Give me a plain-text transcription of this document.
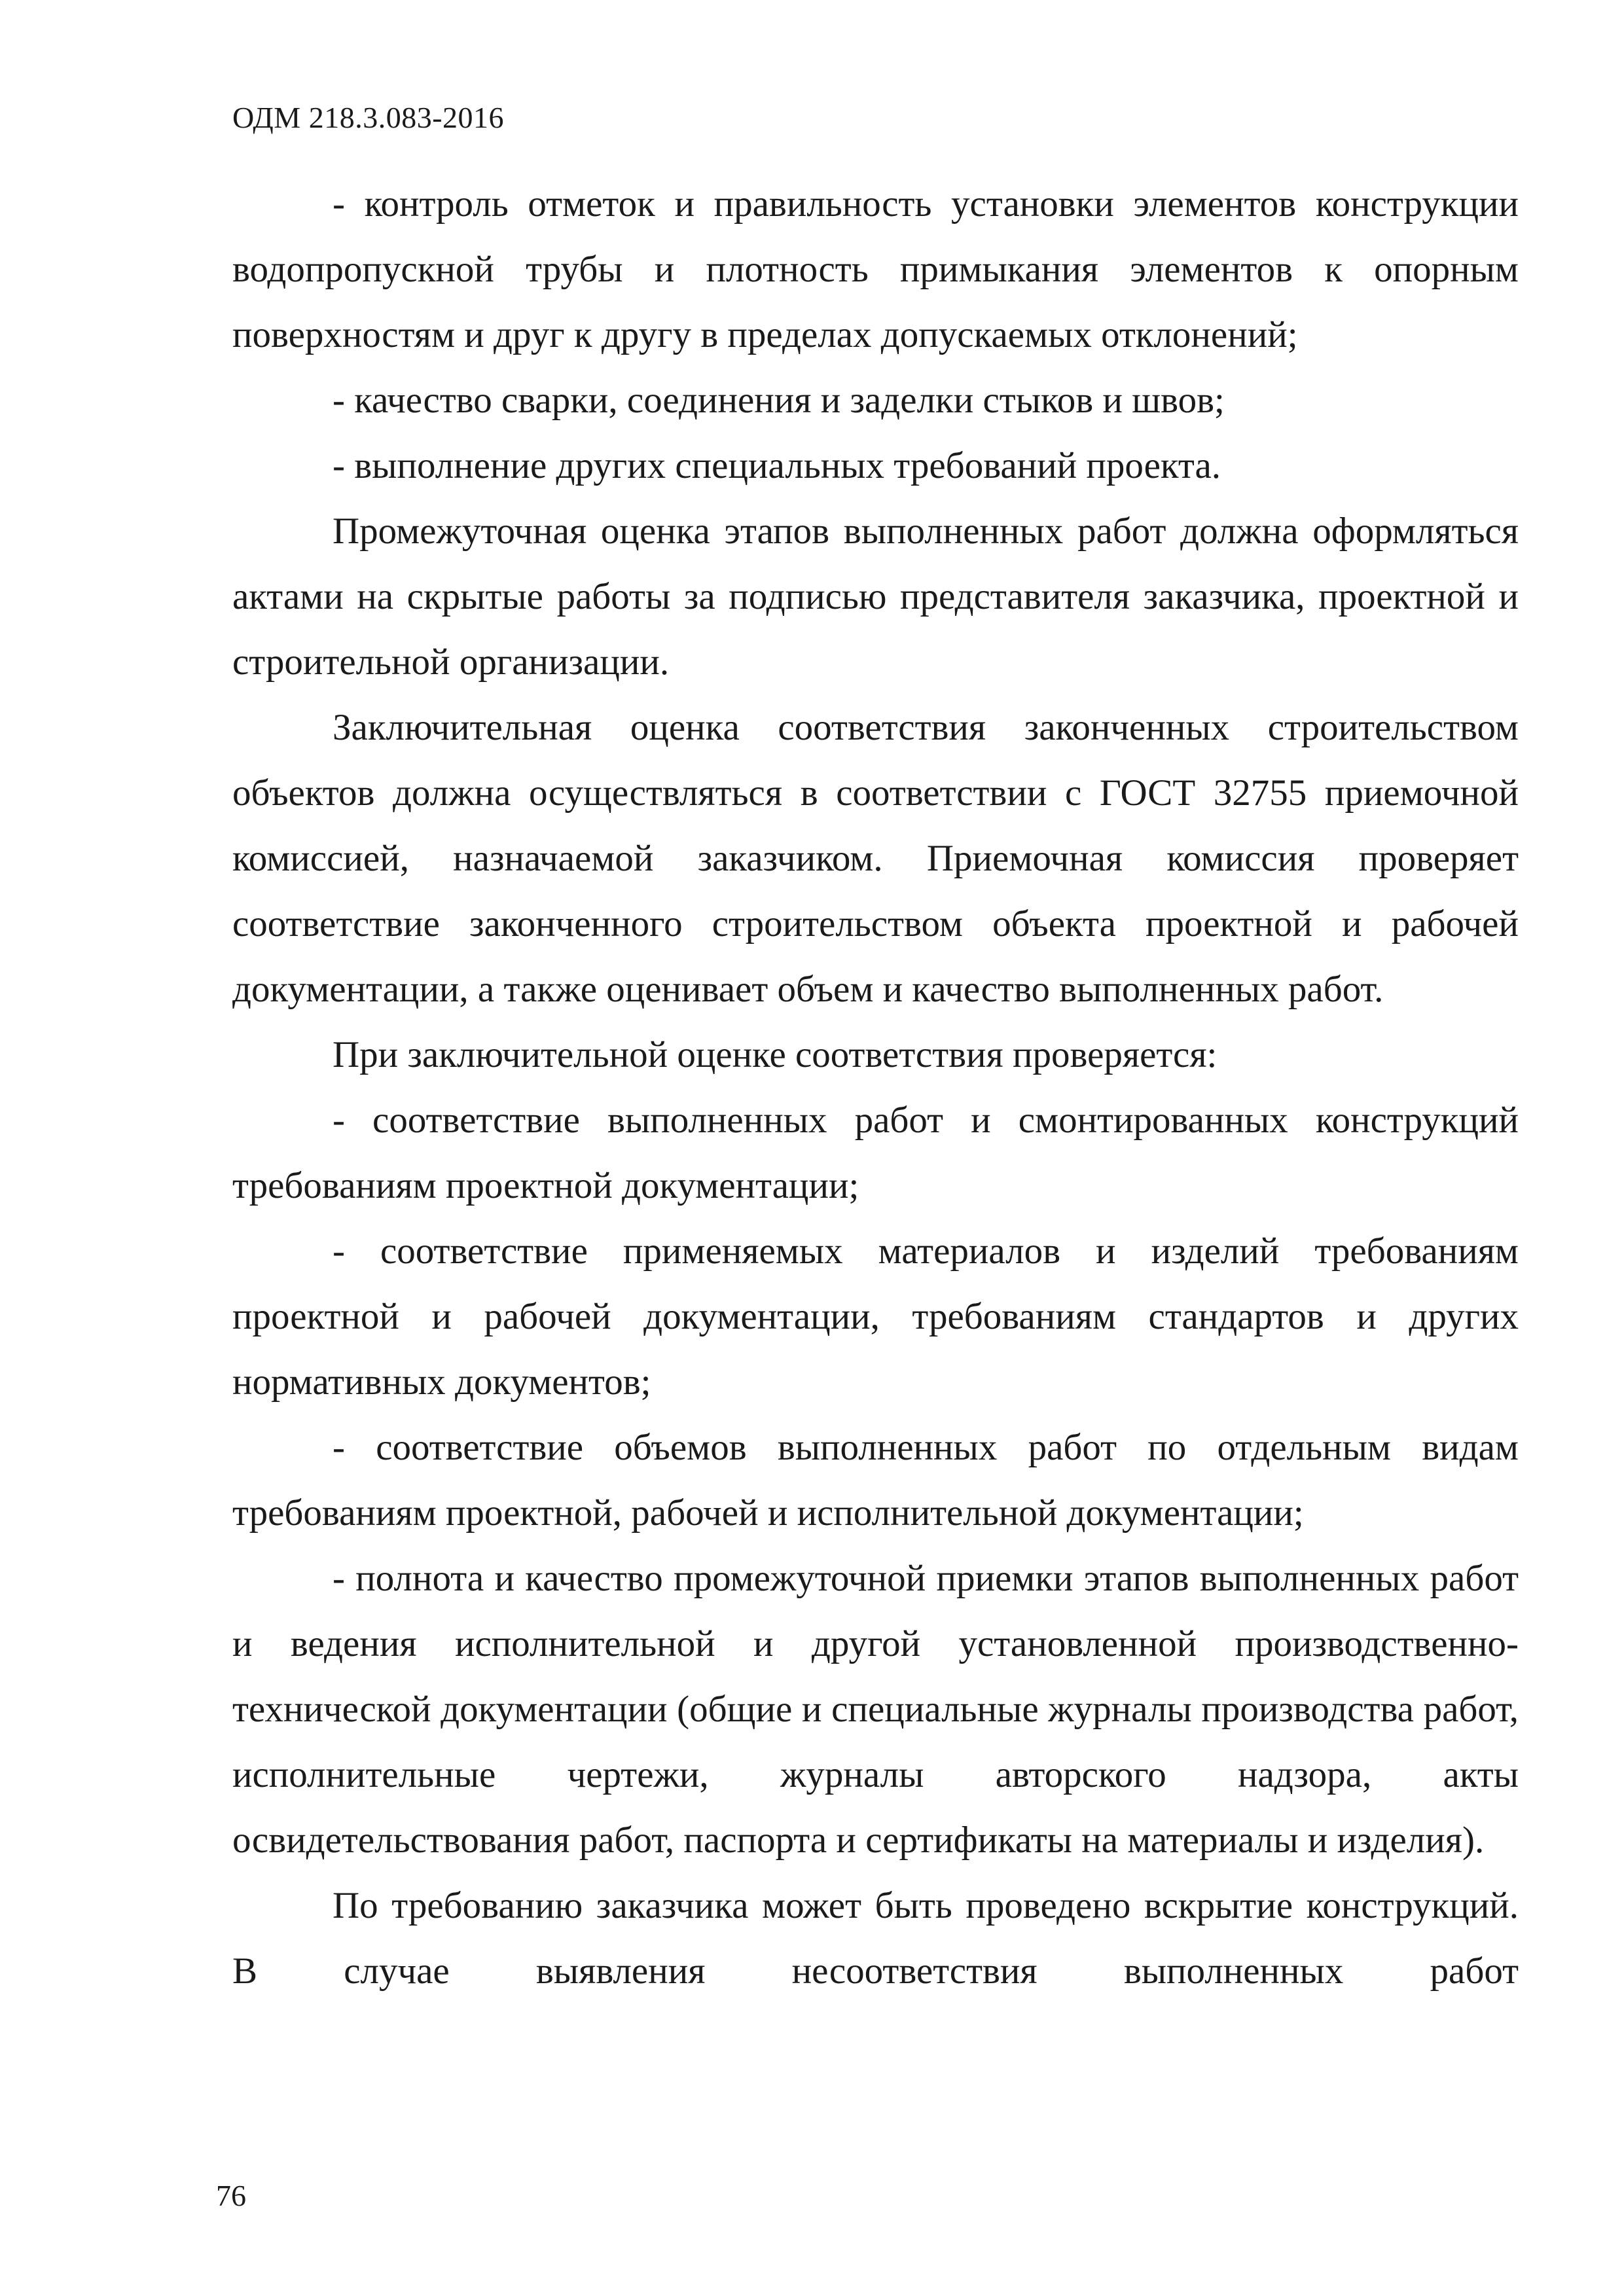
ОДМ 218.3.083-2016

- контроль отметок и правильность установки элементов конструкции водопропускной трубы и плотность примыкания элементов к опорным поверхностям и друг к другу в пределах допускаемых отклонений;

- качество сварки, соединения и заделки стыков и швов;

- выполнение других специальных требований проекта.

Промежуточная оценка этапов выполненных работ должна оформляться актами на скрытые работы за подписью представителя заказчика, проектной и строительной организации.

Заключительная оценка соответствия законченных строительством объектов должна осуществляться в соответствии с ГОСТ 32755 приемочной комиссией, назначаемой заказчиком. Приемочная комиссия проверяет соответствие законченного строительством объекта проектной и рабочей документации, а также оценивает объем и качество выполненных работ.

При заключительной оценке соответствия проверяется:

- соответствие выполненных работ и смонтированных конструкций требованиям проектной документации;

- соответствие применяемых материалов и изделий требованиям проектной и рабочей документации, требованиям стандартов и других нормативных документов;

- соответствие объемов выполненных работ по отдельным видам требованиям проектной, рабочей и исполнительной документации;

- полнота и качество промежуточной приемки этапов выполненных работ и ведения исполнительной и другой установленной производственно-технической документации (общие и специальные журналы производства работ, исполнительные чертежи, журналы авторского надзора, акты освидетельствования работ, паспорта и сертификаты на материалы и изделия).

По требованию заказчика может быть проведено вскрытие конструкций. В случае выявления несоответствия выполненных работ

76
